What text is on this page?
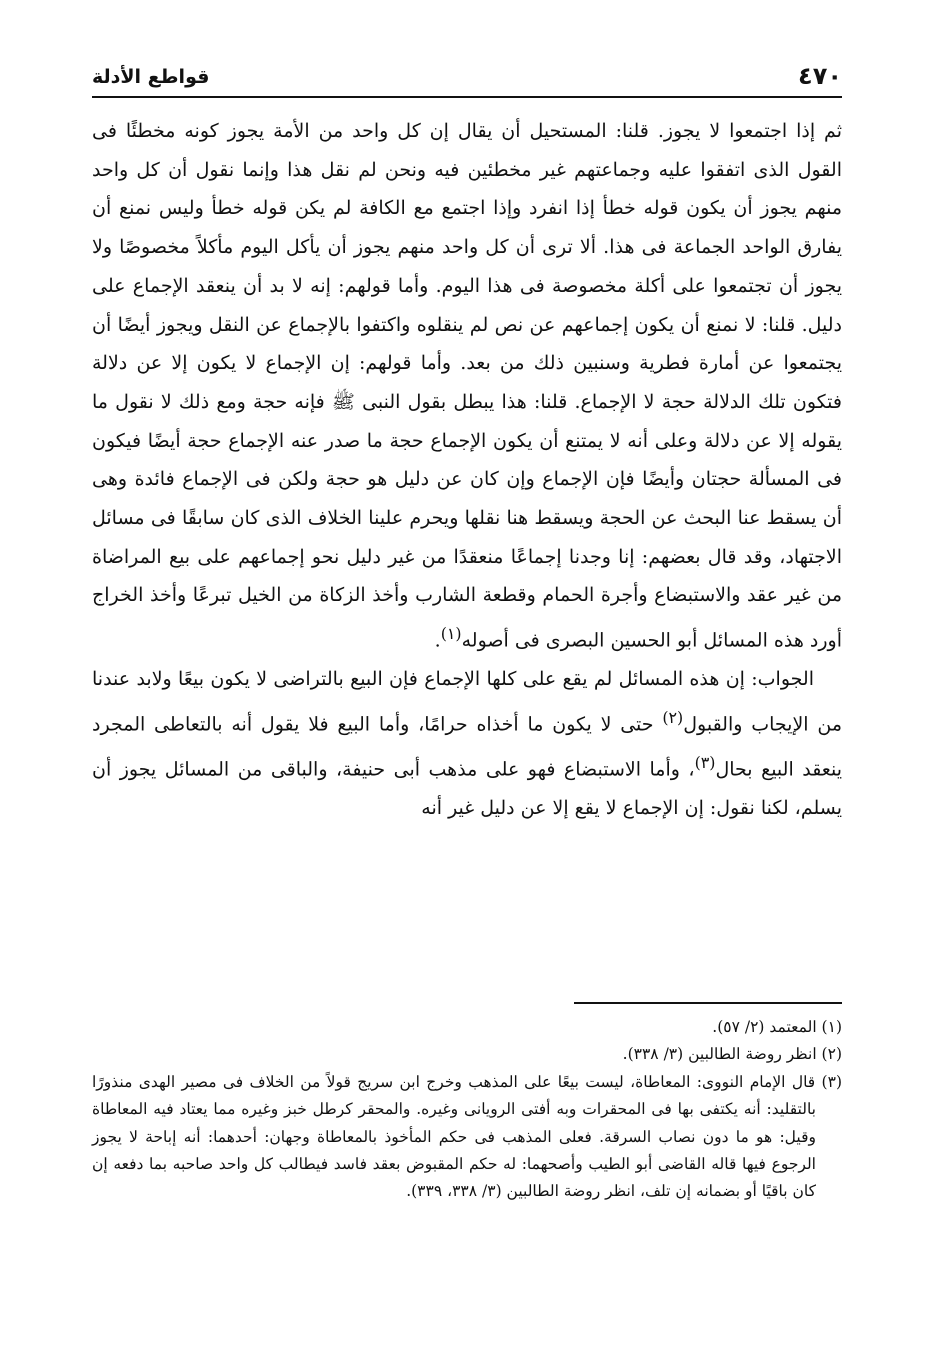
٤٧٠
قواطع الأدلة

ثم إذا اجتمعوا لا يجوز. قلنا: المستحيل أن يقال إن كل واحد من الأمة يجوز كونه مخطئًا فى القول الذى اتفقوا عليه وجماعتهم غير مخطئين فيه ونحن لم نقل هذا وإنما نقول أن كل واحد منهم يجوز أن يكون قوله خطأ إذا انفرد وإذا اجتمع مع الكافة لم يكن قوله خطأ وليس نمنع أن يفارق الواحد الجماعة فى هذا. ألا ترى أن كل واحد منهم يجوز أن يأكل اليوم مأكلاً مخصوصًا ولا يجوز أن تجتمعوا على أكلة مخصوصة فى هذا اليوم. وأما قولهم: إنه لا بد أن ينعقد الإجماع على دليل. قلنا: لا نمنع أن يكون إجماعهم عن نص لم ينقلوه واكتفوا بالإجماع عن النقل ويجوز أيضًا أن يجتمعوا عن أمارة فطرية وسنبين ذلك من بعد. وأما قولهم: إن الإجماع لا يكون إلا عن دلالة فتكون تلك الدلالة حجة لا الإجماع. قلنا: هذا يبطل بقول النبى ﷺ فإنه حجة ومع ذلك لا نقول ما يقوله إلا عن دلالة وعلى أنه لا يمتنع أن يكون الإجماع حجة ما صدر عنه الإجماع حجة أيضًا فيكون فى المسألة حجتان وأيضًا فإن الإجماع وإن كان عن دليل هو حجة ولكن فى الإجماع فائدة وهى أن يسقط عنا البحث عن الحجة ويسقط هنا نقلها ويحرم علينا الخلاف الذى كان سابقًا فى مسائل الاجتهاد، وقد قال بعضهم: إنا وجدنا إجماعًا منعقدًا من غير دليل نحو إجماعهم على بيع المراضاة من غير عقد والاستبضاع وأجرة الحمام وقطعة الشارب وأخذ الزكاة من الخيل تبرعًا وأخذ الخراج أورد هذه المسائل أبو الحسين البصرى فى أصوله$^{(١)}$.

الجواب: إن هذه المسائل لم يقع على كلها الإجماع فإن البيع بالتراضى لا يكون بيعًا ولابد عندنا من الإيجاب والقبول$^{(٢)}$ حتى لا يكون ما أخذاه حرامًا، وأما البيع فلا يقول أنه بالتعاطى المجرد ينعقد البيع بحال$^{(٣)}$، وأما الاستبضاع فهو على مذهب أبى حنيفة، والباقى من المسائل يجوز أن يسلم، لكنا نقول: إن الإجماع لا يقع إلا عن دليل غير أنه

(١) المعتمد (٢/ ٥٧).

(٢) انظر روضة الطالبين (٣/ ٣٣٨).

(٣) قال الإمام النووى: المعاطاة، ليست بيعًا على المذهب وخرج ابن سريج قولاً من الخلاف فى مصير الهدى منذورًا بالتقليد: أنه يكتفى بها فى المحقرات وبه أفتى الرويانى وغيره. والمحقر كرطل خبز وغيره مما يعتاد فيه المعاطاة وقيل: هو ما دون نصاب السرقة. فعلى المذهب فى حكم المأخوذ بالمعاطاة وجهان: أحدهما: أنه إباحة لا يجوز الرجوع فيها قاله القاضى أبو الطيب وأصحهما: له حكم المقبوض بعقد فاسد فيطالب كل واحد صاحبه بما دفعه إن كان باقيًا أو بضمانه إن تلف، انظر روضة الطالبين (٣/ ٣٣٨، ٣٣٩).
